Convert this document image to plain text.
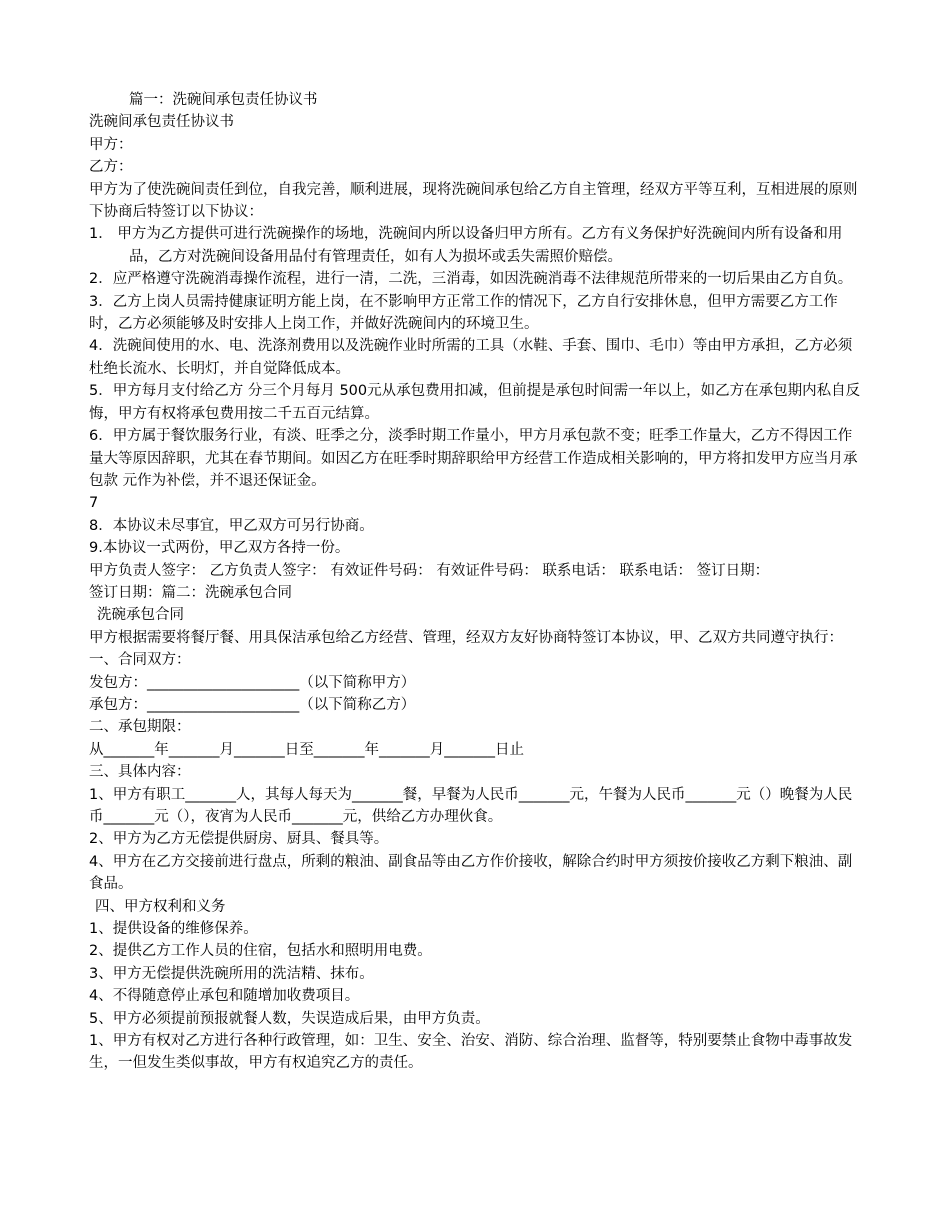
篇一：洗碗间承包责任协议书

洗碗间承包责任协议书

甲方：

乙方：

甲方为了使洗碗间责任到位，自我完善，顺利进展，现将洗碗间承包给乙方自主管理，经双方平等互利，互相进展的原则下协商后特签订以下协议：

1． 甲方为乙方提供可进行洗碗操作的场地，洗碗间内所以设备归甲方所有。乙方有义务保护好洗碗间内所有设备和用品，乙方对洗碗间设备用品付有管理责任，如有人为损坏或丢失需照价赔偿。

2．应严格遵守洗碗消毒操作流程，进行一清，二洗，三消毒，如因洗碗消毒不法律规范所带来的一切后果由乙方自负。

3．乙方上岗人员需持健康证明方能上岗，在不影响甲方正常工作的情况下，乙方自行安排休息，但甲方需要乙方工作时，乙方必须能够及时安排人上岗工作，并做好洗碗间内的环境卫生。

4．洗碗间使用的水、电、洗涤剂费用以及洗碗作业时所需的工具（水鞋、手套、围巾、毛巾）等由甲方承担，乙方必须杜绝长流水、长明灯，并自觉降低成本。

5．甲方每月支付给乙方 分三个月每月 500元从承包费用扣减，但前提是承包时间需一年以上，如乙方在承包期内私自反悔，甲方有权将承包费用按二千五百元结算。

6．甲方属于餐饮服务行业，有淡、旺季之分，淡季时期工作量小，甲方月承包款不变；旺季工作量大，乙方不得因工作量大等原因辞职，尤其在春节期间。如因乙方在旺季时期辞职给甲方经营工作造成相关影响的，甲方将扣发甲方应当月承包款 元作为补偿，并不退还保证金。

7

8．本协议未尽事宜，甲乙双方可另行协商。

9.本协议一式两份，甲乙双方各持一份。

甲方负责人签字： 乙方负责人签字： 有效证件号码： 有效证件号码： 联系电话： 联系电话： 签订日期：

签订日期：篇二：洗碗承包合同

洗碗承包合同

甲方根据需要将餐厅餐、用具保洁承包给乙方经营、管理，经双方友好协商特签订本协议，甲、乙双方共同遵守执行：

一、合同双方：

发包方：_____________________（以下简称甲方）

承包方：_____________________（以下简称乙方）

二、承包期限：

从_______年_______月_______日至_______年_______月_______日止

三、具体内容：

1、甲方有职工_______人，其每人每天为_______餐，早餐为人民币_______元，午餐为人民币_______元（）晚餐为人民币_______元（），夜宵为人民币_______元，供给乙方办理伙食。

2、甲方为乙方无偿提供厨房、厨具、餐具等。

4、甲方在乙方交接前进行盘点，所剩的粮油、副食品等由乙方作价接收，解除合约时甲方须按价接收乙方剩下粮油、副食品。

四、甲方权利和义务

1、提供设备的维修保养。

2、提供乙方工作人员的住宿，包括水和照明用电费。

3、甲方无偿提供洗碗所用的洗洁精、抹布。

4、不得随意停止承包和随增加收费项目。

5、甲方必须提前预报就餐人数，失误造成后果，由甲方负责。

1、甲方有权对乙方进行各种行政管理，如：卫生、安全、治安、消防、综合治理、监督等，特别要禁止食物中毒事故发生，一但发生类似事故，甲方有权追究乙方的责任。
